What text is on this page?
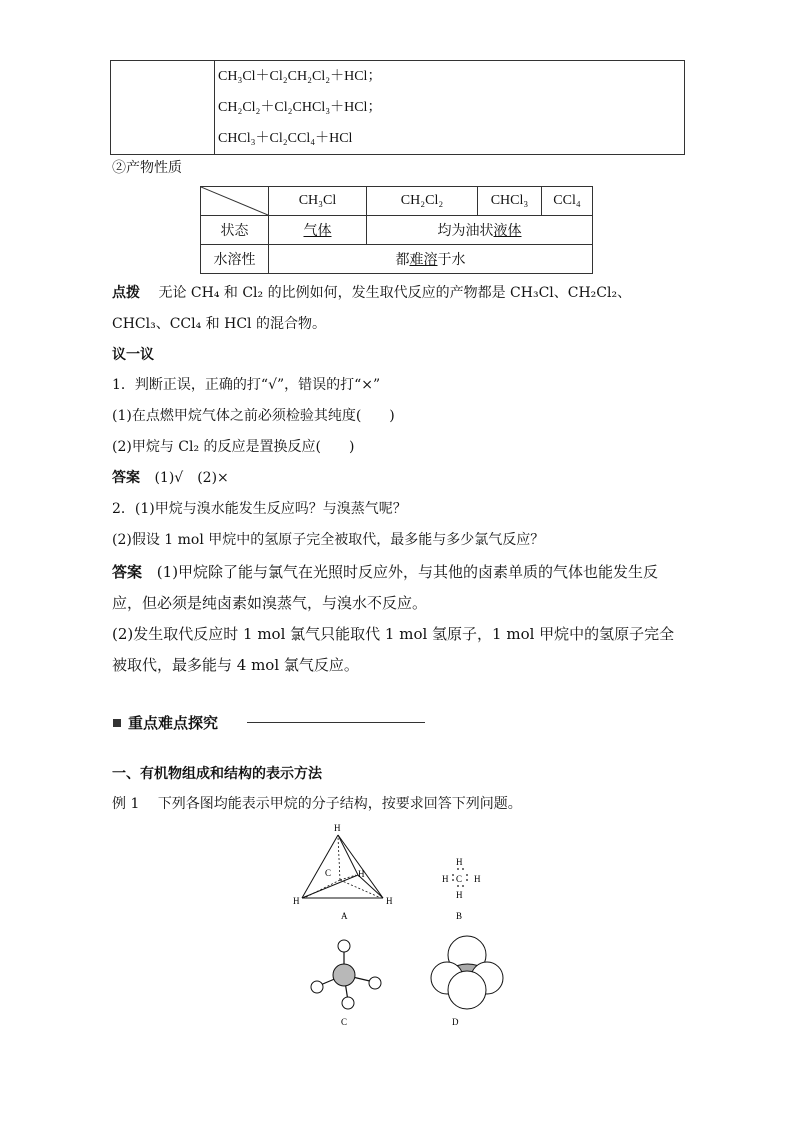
CH₃Cl＋Cl₂CH₂Cl₂＋HCl；
CH₂Cl₂＋Cl₂CHCl₃＋HCl；
CHCl₃＋Cl₂CCl₄＋HCl
②产物性质
	CH₃Cl	CH₂Cl₂	CHCl₃	CCl₄
状态	气体	均为油状液体		
水溶性	都难溶于水			
点拨 无论 CH₄ 和 Cl₂ 的比例如何，发生取代反应的产物都是 CH₃Cl、CH₂Cl₂、
CHCl₃、CCl₄ 和 HCl 的混合物。
议一议
1．判断正误，正确的打“√”，错误的打“×”
(1)在点燃甲烷气体之前必须检验其纯度(　　)
(2)甲烷与 Cl₂ 的反应是置换反应(　　)
答案 (1)√　(2)×
2．(1)甲烷与溴水能发生反应吗？与溴蒸气呢？
(2)假设 1 mol 甲烷中的氢原子完全被取代，最多能与多少氯气反应？
答案 (1)甲烷除了能与氯气在光照时反应外，与其他的卤素单质的气体也能发生反
应，但必须是纯卤素如溴蒸气，与溴水不反应。
(2)发生取代反应时 1 mol 氯气只能取代 1 mol 氢原子，1 mol 甲烷中的氢原子完全
被取代，最多能与 4 mol 氯气反应。
重点难点探究
一、有机物组成和结构的表示方法
例 1 下列各图均能表示甲烷的分子结构，按要求回答下列问题。
H
C	H
H	H
A
H
H C H
H
B
C	D
